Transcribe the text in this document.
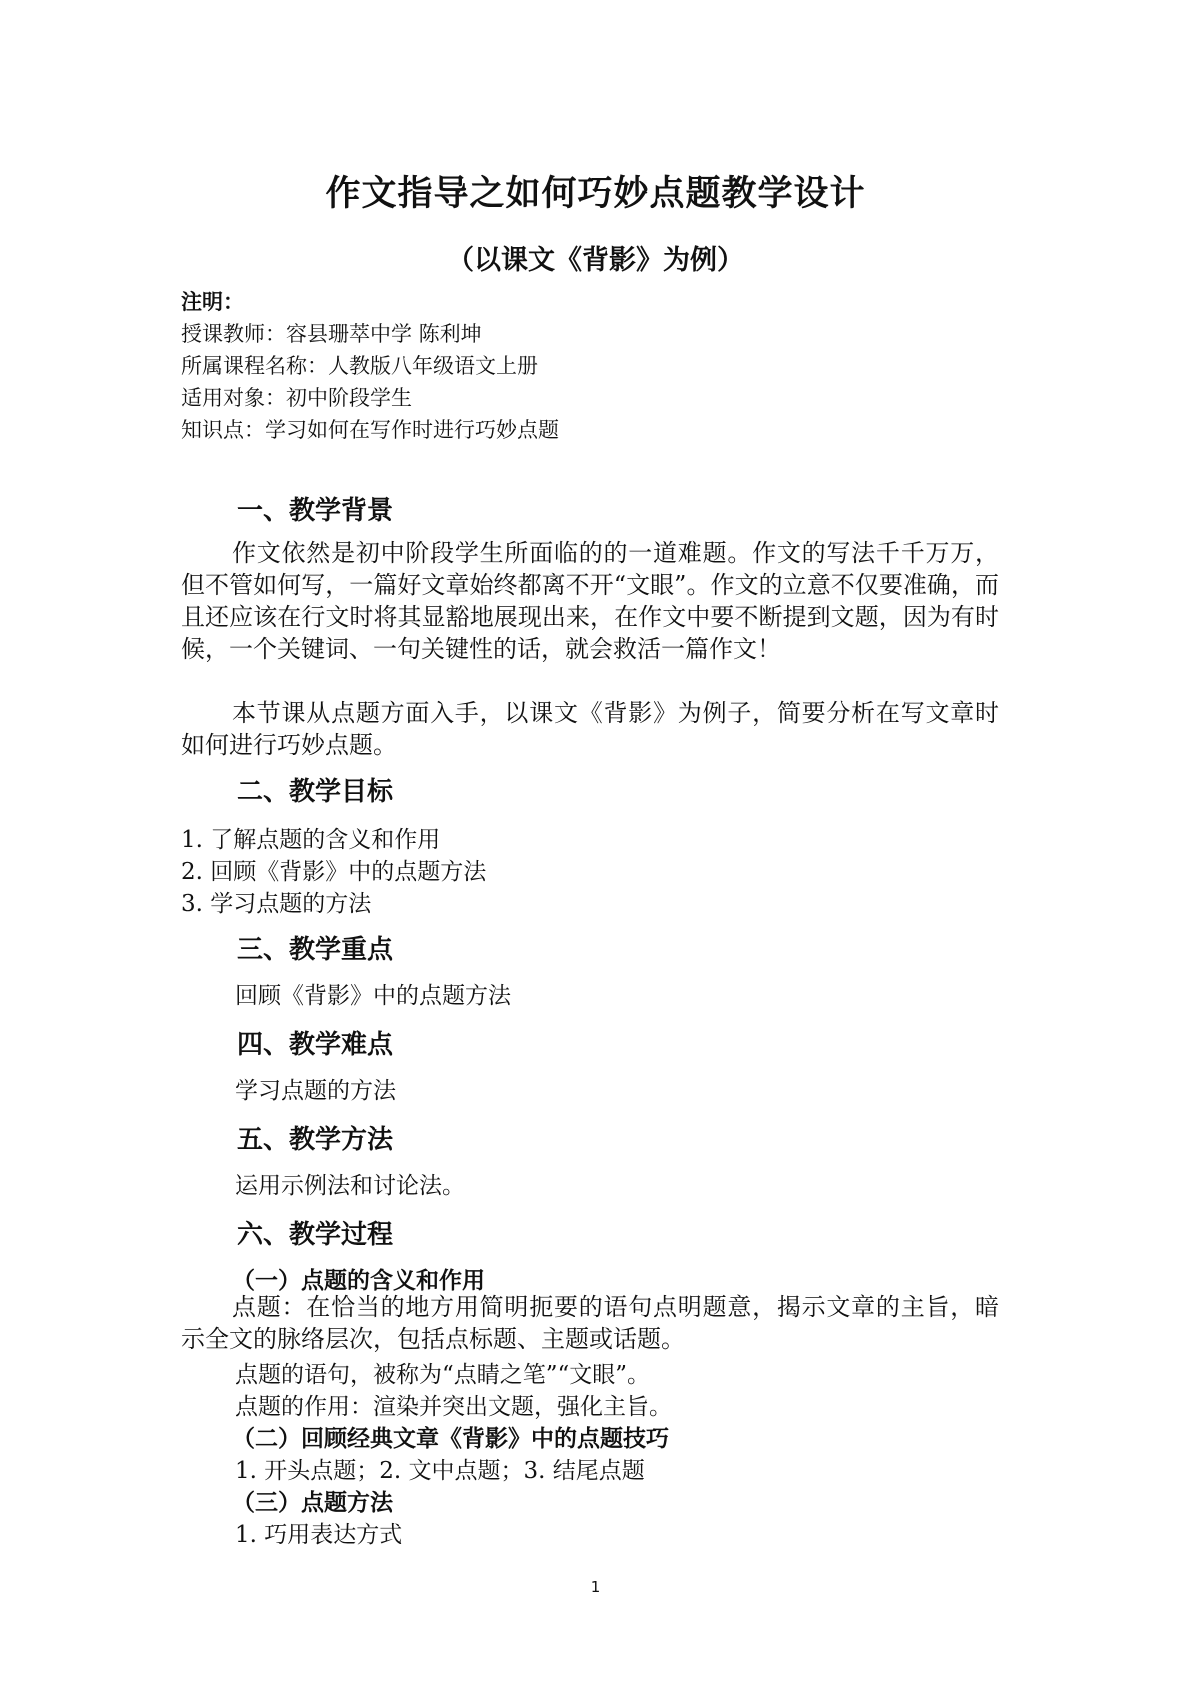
作文指导之如何巧妙点题教学设计
（以课文《背影》为例）
注明：
授课教师：容县珊萃中学 陈利坤
所属课程名称：人教版八年级语文上册
适用对象：初中阶段学生
知识点：学习如何在写作时进行巧妙点题
一、教学背景
作文依然是初中阶段学生所面临的的一道难题。作文的写法千千万万，但不管如何写，一篇好文章始终都离不开“文眼”。作文的立意不仅要准确，而且还应该在行文时将其显豁地展现出来，在作文中要不断提到文题，因为有时候，一个关键词、一句关键性的话，就会救活一篇作文！
本节课从点题方面入手，以课文《背影》为例子，简要分析在写文章时如何进行巧妙点题。
二、教学目标
1. 了解点题的含义和作用
2. 回顾《背影》中的点题方法
3. 学习点题的方法
三、教学重点
回顾《背影》中的点题方法
四、教学难点
学习点题的方法
五、教学方法
运用示例法和讨论法。
六、教学过程
（一）点题的含义和作用
点题：在恰当的地方用简明扼要的语句点明题意，揭示文章的主旨，暗示全文的脉络层次，包括点标题、主题或话题。
点题的语句，被称为“点睛之笔”“文眼”。
点题的作用：渲染并突出文题，强化主旨。
（二）回顾经典文章《背影》中的点题技巧
1. 开头点题；2. 文中点题；3. 结尾点题
（三）点题方法
1. 巧用表达方式
1
